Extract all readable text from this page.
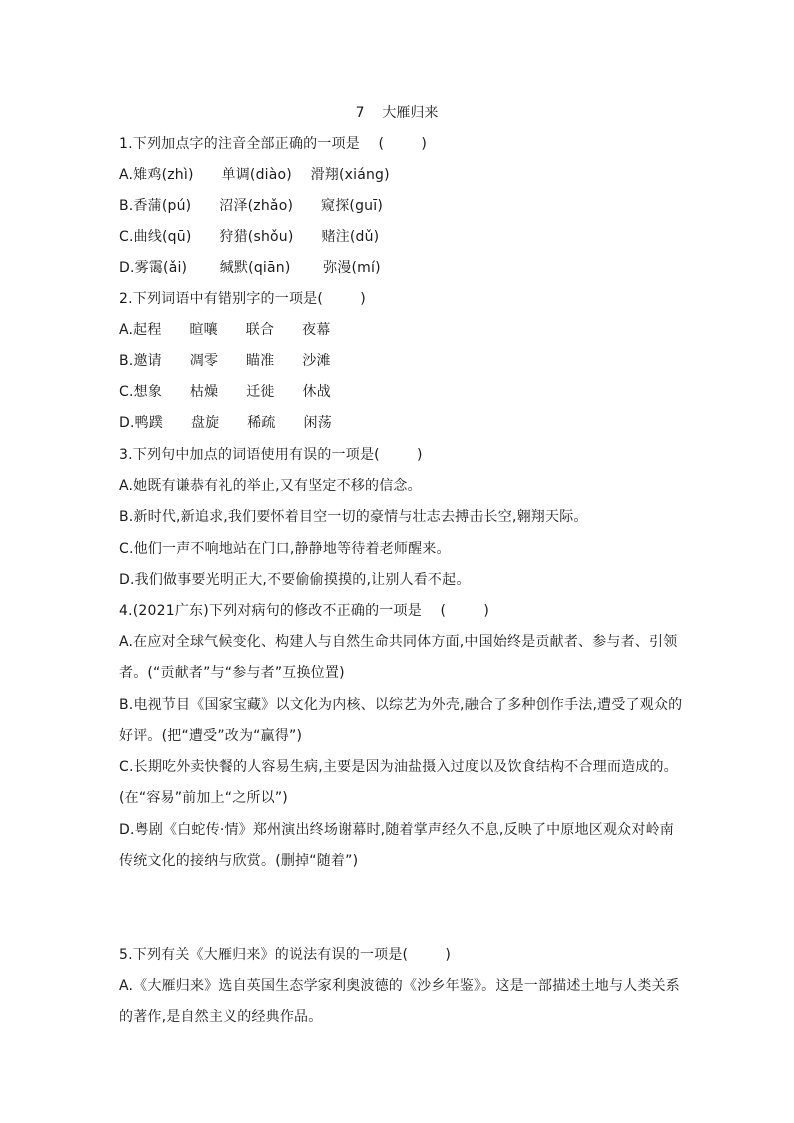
7    大雁归来
1.下列加点字的注音全部正确的一项是    (        )
A.雉鸡(zhì)      单调(diào)    滑翔(xiáng)
B.香蒲(pú)      沼泽(zhǎo)      窥探(guī)
C.曲线(qū)      狩猎(shǒu)      赌注(dǔ)
D.雾霭(ǎi)       缄默(qiān)       弥漫(mí)
2.下列词语中有错别字的一项是(        )
A.起程      暄嚷      联合      夜幕
B.邀请      凋零      瞄准      沙滩
C.想象      枯燥      迁徙      休战
D.鸭蹼      盘旋      稀疏      闲荡
3.下列句中加点的词语使用有误的一项是(        )
A.她既有谦恭有礼的举止,又有坚定不移的信念。
B.新时代,新追求,我们要怀着目空一切的豪情与壮志去搏击长空,翱翔天际。
C.他们一声不响地站在门口,静静地等待着老师醒来。
D.我们做事要光明正大,不要偷偷摸摸的,让别人看不起。
4.(2021广东)下列对病句的修改不正确的一项是    (        )
A.在应对全球气候变化、构建人与自然生命共同体方面,中国始终是贡献者、参与者、引领
者。(“贡献者”与“参与者”互换位置)
B.电视节目《国家宝藏》以文化为内核、以综艺为外壳,融合了多种创作手法,遭受了观众的
好评。(把“遭受”改为“赢得”)
C.长期吃外卖快餐的人容易生病,主要是因为油盐摄入过度以及饮食结构不合理而造成的。
(在“容易”前加上“之所以”)
D.粤剧《白蛇传·情》郑州演出终场谢幕时,随着掌声经久不息,反映了中原地区观众对岭南
传统文化的接纳与欣赏。(删掉“随着”)
5.下列有关《大雁归来》的说法有误的一项是(        )
A.《大雁归来》选自英国生态学家利奥波德的《沙乡年鉴》。这是一部描述土地与人类关系
的著作,是自然主义的经典作品。
